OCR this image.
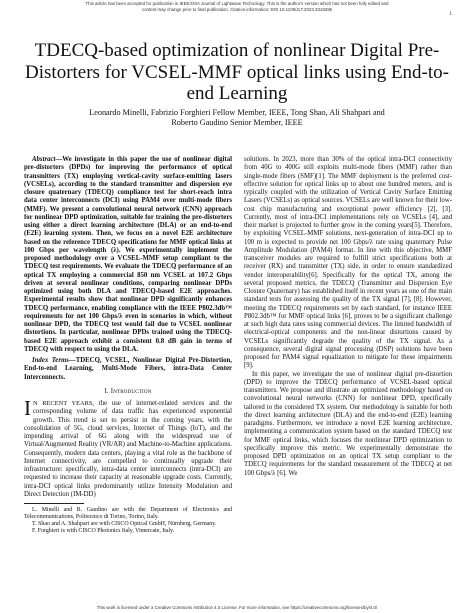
This article has been accepted for publication in IEEE/OSA Journal of Lightwave Technology. This is the author's version which has not been fully edited and
content may change prior to final publication. Citation information: DOI 10.1109/JLT.2023.3318295
1
TDECQ-based optimization of nonlinear Digital Pre-Distorters for VCSEL-MMF optical links using End-to-end Learning
Leonardo Minelli, Fabrizio Forghieri Fellow Member, IEEE, Tong Shao, Ali Shahpari and
Roberto Gaudino Senior Member, IEEE

Abstract—We investigate in this paper the use of nonlinear digital pre-distorters (DPDs) for improving the performance of optical transmitters (TX) employing vertical-cavity surface-emitting lasers (VCSELs), according to the standard transmitter and dispersion eye closure quaternary (TDECQ) compliance test for short-reach intra data center interconnects (DCI) using PAM4 over multi-mode fibers (MMF). We present a convolutional neural network (CNN) approach for nonlinear DPD optimization, suitable for training the pre-distorters using either a direct learning architecture (DLA) or an end-to-end (E2E) learning system. Then, we focus on a novel E2E architecture based on the reference TDECQ specifications for MMF optical links at 100 Gbps per wavelength (λ). We experimentally implement the proposed methodology over a VCSEL-MMF setup compliant to the TDECQ test requirements. We evaluate the TDECQ performance of an optical TX employing a commercial 850 nm VCSEL at 107.2 Gbps driven at several nonlinear conditions, comparing nonlinear DPDs optimized using both DLA and TDECQ-based E2E approaches. Experimental results show that nonlinear DPD significantly enhances TDECQ performance, enabling compliance with the IEEE P802.3db™ requirements for net 100 Gbps/λ even in scenarios in which, without nonlinear DPD, the TDECQ test would fail due to VCSEL nonlinear distortions. In particular, nonlinear DPDs trained using the TDECQ-based E2E approach exhibit a consistent 0.8 dB gain in terms of TDECQ with respect to using the DLA.

Index Terms—TDECQ, VCSEL, Nonlinear Digital Pre-Distortion, End-to-end Learning, Multi-Mode Fibers, intra-Data Center Interconnects.

I. Introduction

IN RECENT YEARS, the use of internet-related services and the corresponding volume of data traffic has experienced exponential growth. This trend is set to persist in the coming years, with the consolidation of 5G, cloud services, Internet of Things (IoT), and the impending arrival of 6G along with the widespread use of Virtual/Augmented Reality (VR/AR) and Machine-to-Machine applications. Consequently, modern data centers, playing a vital role as the backbone of Internet connectivity, are compelled to continually upgrade their infrastructure: specifically, intra-data center interconnects (intra-DCI) are requested to increase their capacity at reasonable upgrade costs. Currently, intra-DCI optical links predominantly utilize Intensity Modulation and Direct Detection (IM-DD)

L. Minelli and R. Gaudino are with the Department of Electronics and Telecommunications, Politecnico di Torino, Torino, Italy.

T. Shao and A. Shahpari are with CISCO Optical GmbH, Nürnberg, Germany.

F. Forghieri is with CISCO Photonics Italy, Vimercate, Italy.

solutions. In 2023, more than 30% of the optical intra-DCI connectivity from 40G to 400G still exploits multi-mode fibers (MMF) rather than single-mode fibers (SMF)[1]. The MMF deployment is the preferred cost-effective solution for optical links up to about one hundred meters, and is typically coupled with the utilization of Vertical Cavity Surface Emitting Lasers (VCSELs) as optical sources. VCSELs are well known for their low-cost chip manufacturing and exceptional power efficiency [2], [3]. Currently, most of intra-DCI implementations rely on VCSELs [4], and their market is projected to further grow in the coming years[5]. Therefore, by exploiting VCSEL-MMF solutions, next-generation of intra-DCI up to 100 m is expected to provide net 100 Gbps/λ rate using quaternary Pulse Amplitude Modulation (PAM4) format. In line with this objective, MMF transceiver modules are required to fulfill strict specifications both at receiver (RX) and transmitter (TX) side, in order to ensure standardized vendor interoperability[6]. Specifically for the optical TX, among the several proposed metrics, the TDECQ (Transmitter and Dispersion Eye Closure Quaternary) has established itself in recent years as one of the main standard tests for assessing the quality of the TX signal [7], [8]. However, meeting the TDECQ requirements set by each standard, for instance IEEE P802.3db™ for MMF optical links [6], proves to be a significant challenge at such high data rates using commercial devices. The limited bandwidth of electrical-optical components and the non-linear distortions caused by VCSELs significantly degrade the quality of the TX signal. As a consequence, several digital signal processing (DSP) solutions have been proposed for PAM4 signal equalization to mitigate for these impairments [9].

In this paper, we investigate the use of nonlinear digital pre-distortion (DPD) to improve the TDECQ performance of VCSEL-based optical transmitters. We propose and illustrate an optimized methodology based on convolutional neural networks (CNN) for nonlinear DPD, specifically tailored to the considered TX system. Our methodology is suitable for both the direct learning architecture (DLA) and the end-to-end (E2E) learning paradigms. Furthermore, we introduce a novel E2E learning architecture, implementing a communication system based on the standard TDECQ test for MMF optical links, which focuses the nonlinear DPD optimization to specifically improve this metric. We experimentally demonstrate the proposed DPD optimization on an optical TX setup compliant to the TDECQ requirements for the standard measurement of the TDECQ at net 100 Gbps/λ [6]. We

This work is licensed under a Creative Commons Attribution 4.0 License. For more information, see https://creativecommons.org/licenses/by/4.0/
